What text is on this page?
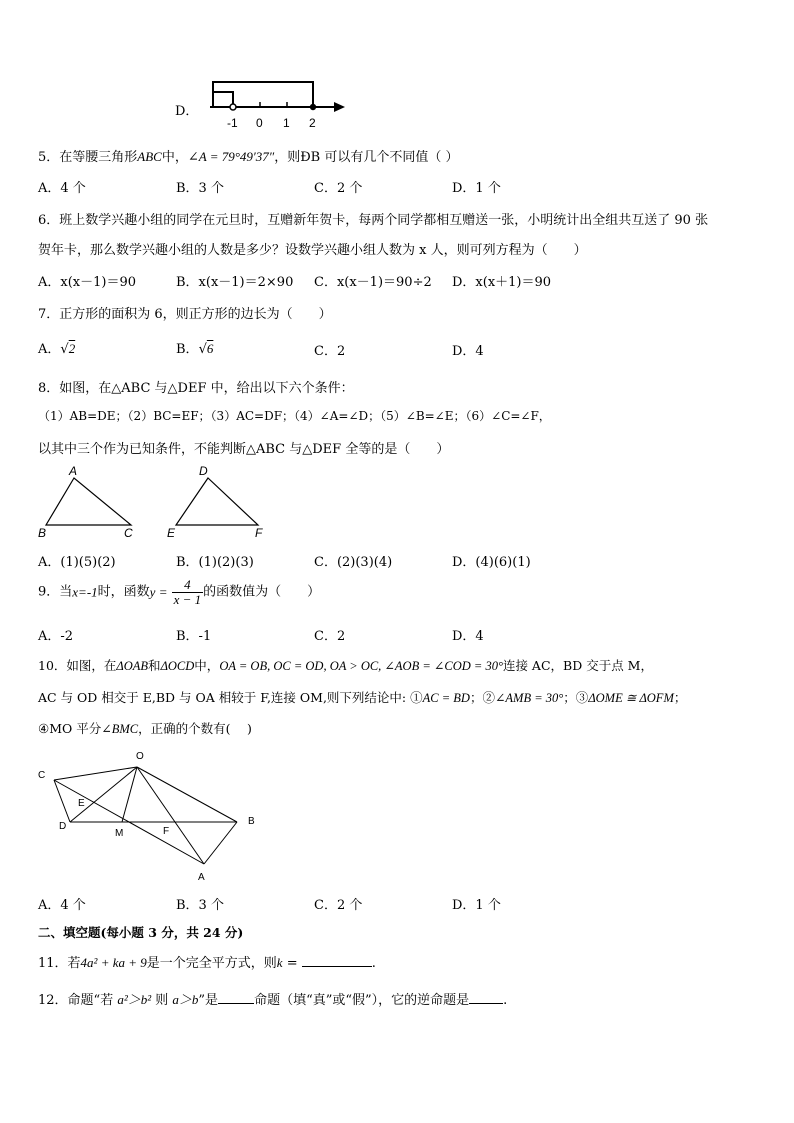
D．
-1 0 1 2
5．在等腰三角形ABC中，∠A = 79°49′37″，则ÐB 可以有几个不同值（ ）
A．4 个	B．3 个	C．2 个	D．1 个
6．班上数学兴趣小组的同学在元旦时，互赠新年贺卡，每两个同学都相互赠送一张，小明统计出全组共互送了 90 张
贺年卡，那么数学兴趣小组的人数是多少？设数学兴趣小组人数为 x 人，则可列方程为（　　）
A．x(x－1)＝90	B．x(x－1)＝2×90 C．x(x－1)＝90÷2 D．x(x＋1)＝90
7．正方形的面积为 6，则正方形的边长为（　　）
A．√2	B．√6	C．2	D．4
8．如图，在△ABC 与△DEF 中，给出以下六个条件：
（1）AB=DE；（2）BC=EF；（3）AC=DF；（4）∠A=∠D；（5）∠B=∠E；（6）∠C=∠F，
以其中三个作为已知条件，不能判断△ABC 与△DEF 全等的是（　　）
A
B	C
D
E	F
A．(1)(5)(2)	B．(1)(2)(3)	C．(2)(3)(4)	D．(4)(6)(1)
9．当x=-1时，函数$y = \frac{4}{x - 1}$ 的函数值为（　　）
A．-2	B．-1	C．2	D．4
10．如图，在ΔOAB和ΔOCD中，OA = OB, OC = OD, OA > OC, ∠AOB = ∠COD = 30°连接 AC，BD 交于点 M，
AC 与 OD 相交于 E,BD 与 OA 相较于 F,连接 OM,则下列结论中: ①AC = BD；②∠AMB = 30°；③ΔOME ≅ ΔOFM；
④MO 平分∠BMC，正确的个数有(　 )
O
C
E
D
M	F
B
A
A．4 个	B．3 个	C．2 个	D．1 个
二、填空题(每小题 3 分，共 24 分)
11．若4a² + ka + 9是一个完全平方式，则k =	.
12．命题“若 a²＞b² 则 a＞b”是	命题（填“真”或“假”），它的逆命题是	.
